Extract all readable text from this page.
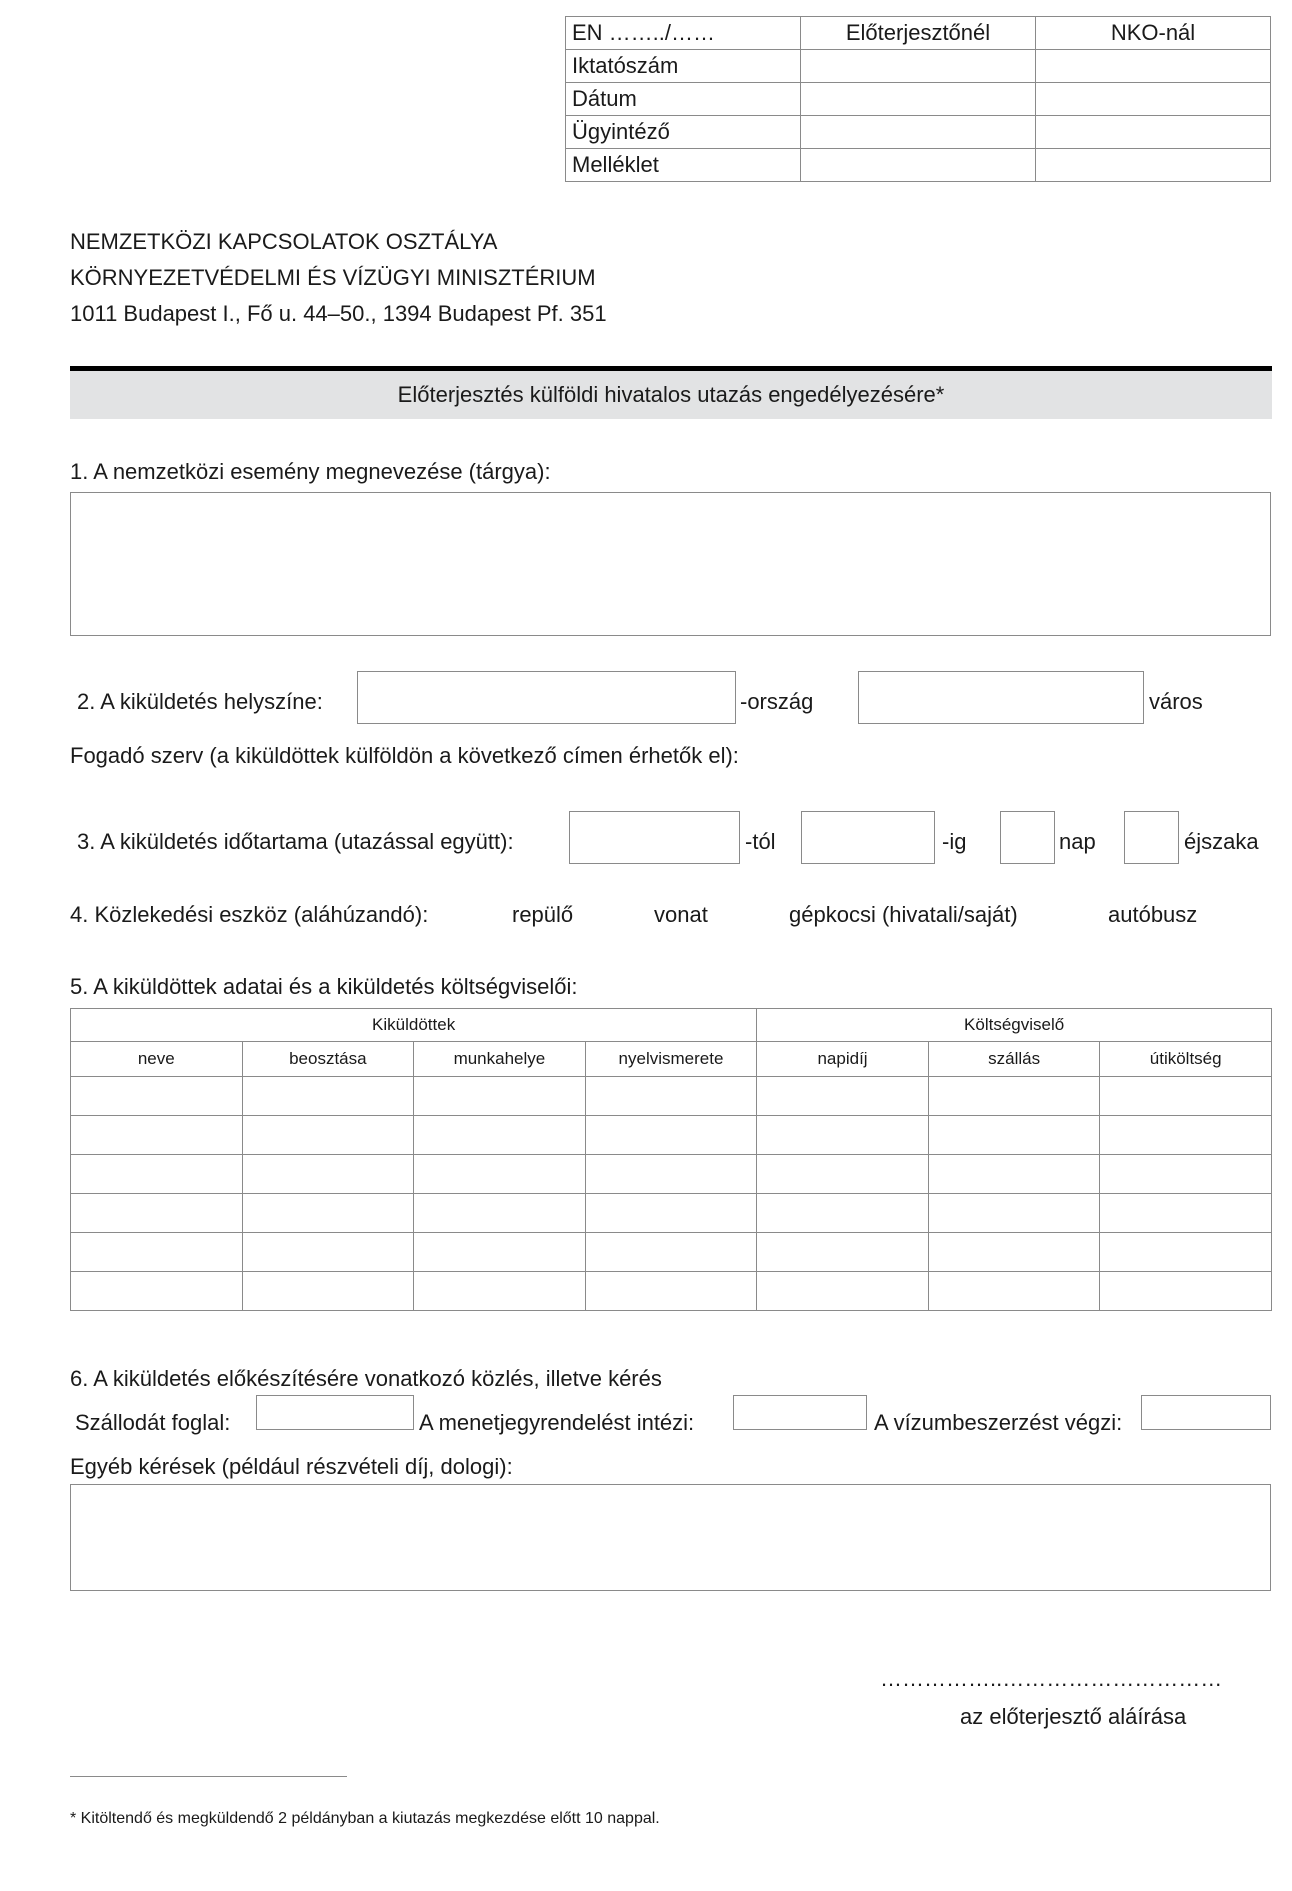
EN ……../……	Előterjesztőnél	NKO-nál
Iktatószám		
Dátum		
Ügyintéző		
Melléklet		
NEMZETKÖZI KAPCSOLATOK OSZTÁLYA
KÖRNYEZETVÉDELMI ÉS VÍZÜGYI MINISZTÉRIUM
1011 Budapest I., Fő u. 44–50., 1394 Budapest Pf. 351
Előterjesztés külföldi hivatalos utazás engedélyezésére*
1. A nemzetközi esemény megnevezése (tárgya):
2. A kiküldetés helyszíne:	-ország	város
Fogadó szerv (a kiküldöttek külföldön a következő címen érhetők el):
3. A kiküldetés időtartama (utazással együtt):	-tól	-ig	nap	éjszaka
4. Közlekedési eszköz (aláhúzandó):	repülő	vonat	gépkocsi (hivatali/saját)	autóbusz
5. A kiküldöttek adatai és a kiküldetés költségviselői:
Kiküldöttek				Költségviselő		
neve	beosztása	munkahelye	nyelvismerete	napidíj	szállás	útiköltség

6. A kiküldetés előkészítésére vonatkozó közlés, illetve kérés
Szállodát foglal:	A menetjegyrendelést intézi:	A vízumbeszerzést végzi:
Egyéb kérések (például részvételi díj, dologi):
……………..…………………………
az előterjesztő aláírása
* Kitöltendő és megküldendő 2 példányban a kiutazás megkezdése előtt 10 nappal.
